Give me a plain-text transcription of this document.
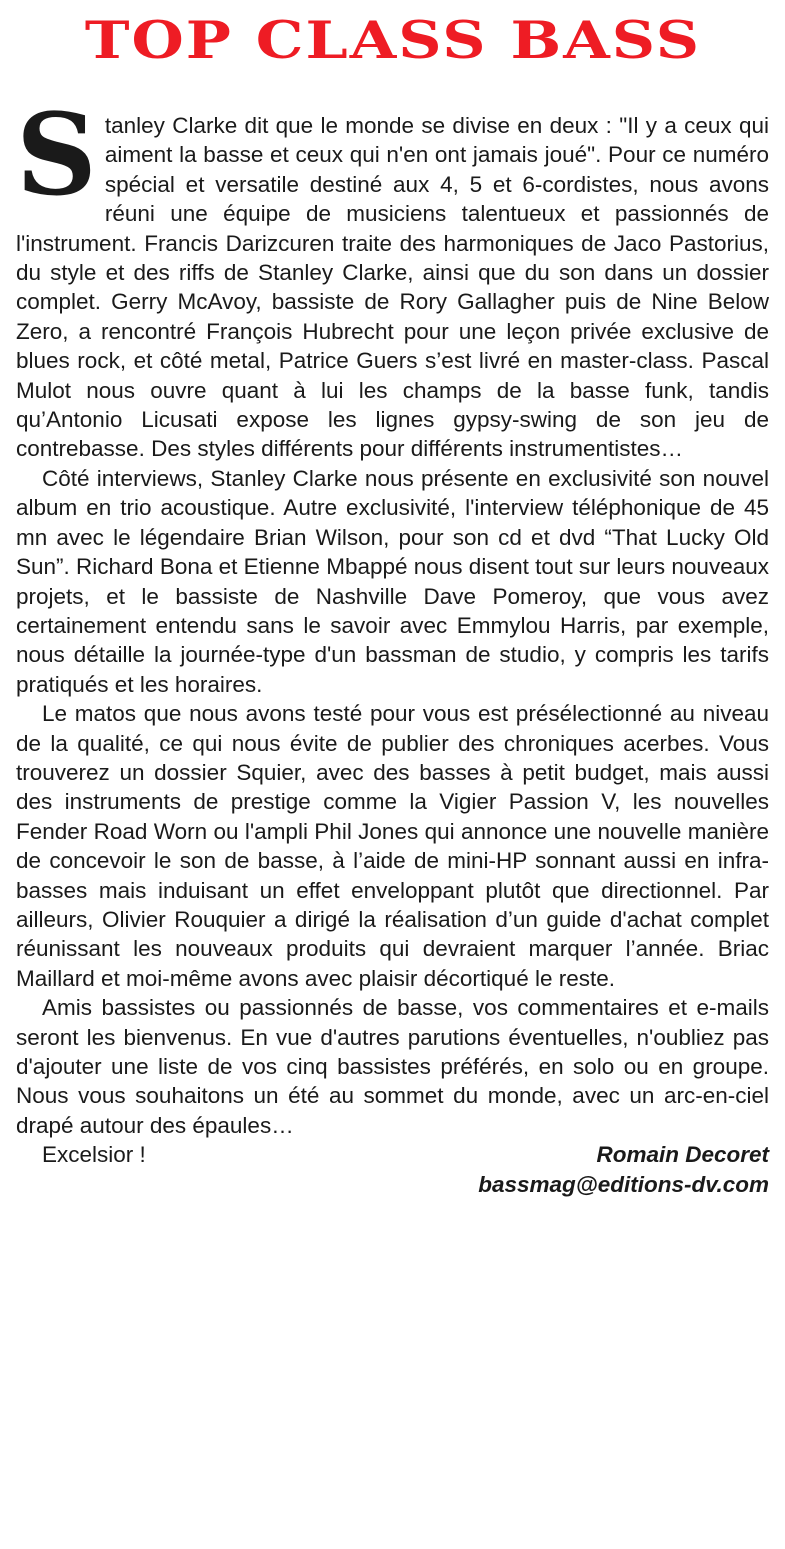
TOP CLASS BASS

Stanley Clarke dit que le monde se divise en deux : "Il y a ceux qui aiment la basse et ceux qui n'en ont jamais joué". Pour ce numéro spécial et versatile destiné aux 4, 5 et 6-cordistes, nous avons réuni une équipe de musiciens talentueux et passionnés de l'instrument. Francis Darizcuren traite des harmoniques de Jaco Pastorius, du style et des riffs de Stanley Clarke, ainsi que du son dans un dossier complet. Gerry McAvoy, bassiste de Rory Gallagher puis de Nine Below Zero, a rencontré François Hubrecht pour une leçon privée exclusive de blues rock, et côté metal, Patrice Guers s’est livré en master-class. Pascal Mulot nous ouvre quant à lui les champs de la basse funk, tandis qu’Antonio Licusati expose les lignes gypsy-swing de son jeu de contrebasse. Des styles différents pour différents instrumentistes…

Côté interviews, Stanley Clarke nous présente en exclusivité son nouvel album en trio acoustique. Autre exclusivité, l'interview téléphonique de 45 mn avec le légendaire Brian Wilson, pour son cd et dvd “That Lucky Old Sun”. Richard Bona et Etienne Mbappé nous disent tout sur leurs nouveaux projets, et le bassiste de Nashville Dave Pomeroy, que vous avez certainement entendu sans le savoir avec Emmylou Harris, par exemple, nous détaille la journée-type d'un bassman de studio, y compris les tarifs pratiqués et les horaires.

Le matos que nous avons testé pour vous est présélectionné au niveau de la qualité, ce qui nous évite de publier des chroniques acerbes. Vous trouverez un dossier Squier, avec des basses à petit budget, mais aussi des instruments de prestige comme la Vigier Passion V, les nouvelles Fender Road Worn ou l'ampli Phil Jones qui annonce une nouvelle manière de concevoir le son de basse, à l’aide de mini-HP sonnant aussi en infra-basses mais induisant un effet enveloppant plutôt que directionnel. Par ailleurs, Olivier Rouquier a dirigé la réalisation d’un guide d'achat complet réunissant les nouveaux produits qui devraient marquer l’année. Briac Maillard et moi-même avons avec plaisir décortiqué le reste.

Amis bassistes ou passionnés de basse, vos commentaires et e-mails seront les bienvenus. En vue d'autres parutions éventuelles, n'oubliez pas d'ajouter une liste de vos cinq bassistes préférés, en solo ou en groupe. Nous vous souhaitons un été au sommet du monde, avec un arc-en-ciel drapé autour des épaules…

Excelsior !	Romain Decoret
bassmag@editions-dv.com
